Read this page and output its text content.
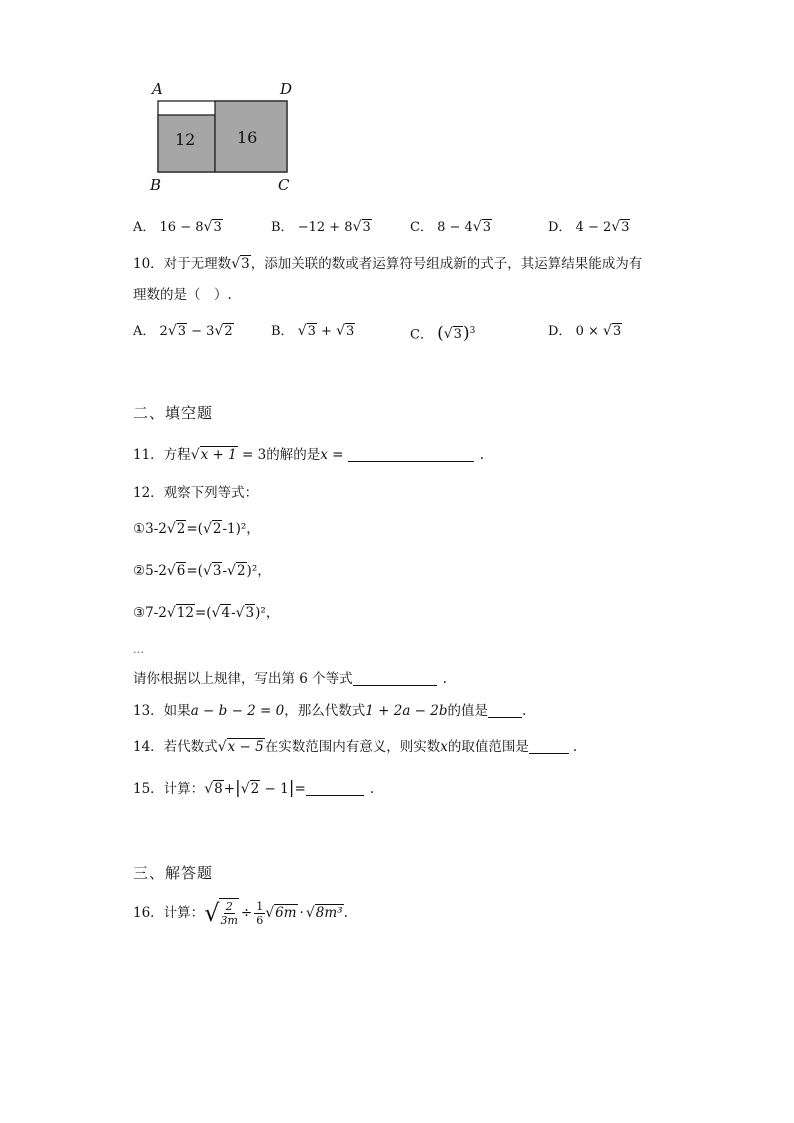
A	D
B	C
12	16
A． 16 − 8√3	B． −12 + 8√3	C． 8 − 4√3	D． 4 − 2√3
10．对于无理数√3，添加关联的数或者运算符号组成新的式子，其运算结果能成为有
理数的是（　）.
A． 2√3 − 3√2	B． √3 + √3	C． $(√3)^3$	D． 0 × √3
二、填空题
11．方程√x + 1 = 3的解的是x =	.
12．观察下列等式：
①3-2√2=(√2-1)²，
②5-2√6=(√3-√2)²，
③7-2√12=(√4-√3)²，
…
请你根据以上规律，写出第 6 个等式	.
13．如果a − b − 2 = 0，那么代数式1 + 2a − 2b的值是	.
14．若代数式√x − 5在实数范围内有意义，则实数x的取值范围是	.
15．计算：√8+|√2 − 1|=	.
三、解答题
16．计算：√ $\frac{2}{3m} \div \frac{1}{6} √6m \cdot √8m^3$.
